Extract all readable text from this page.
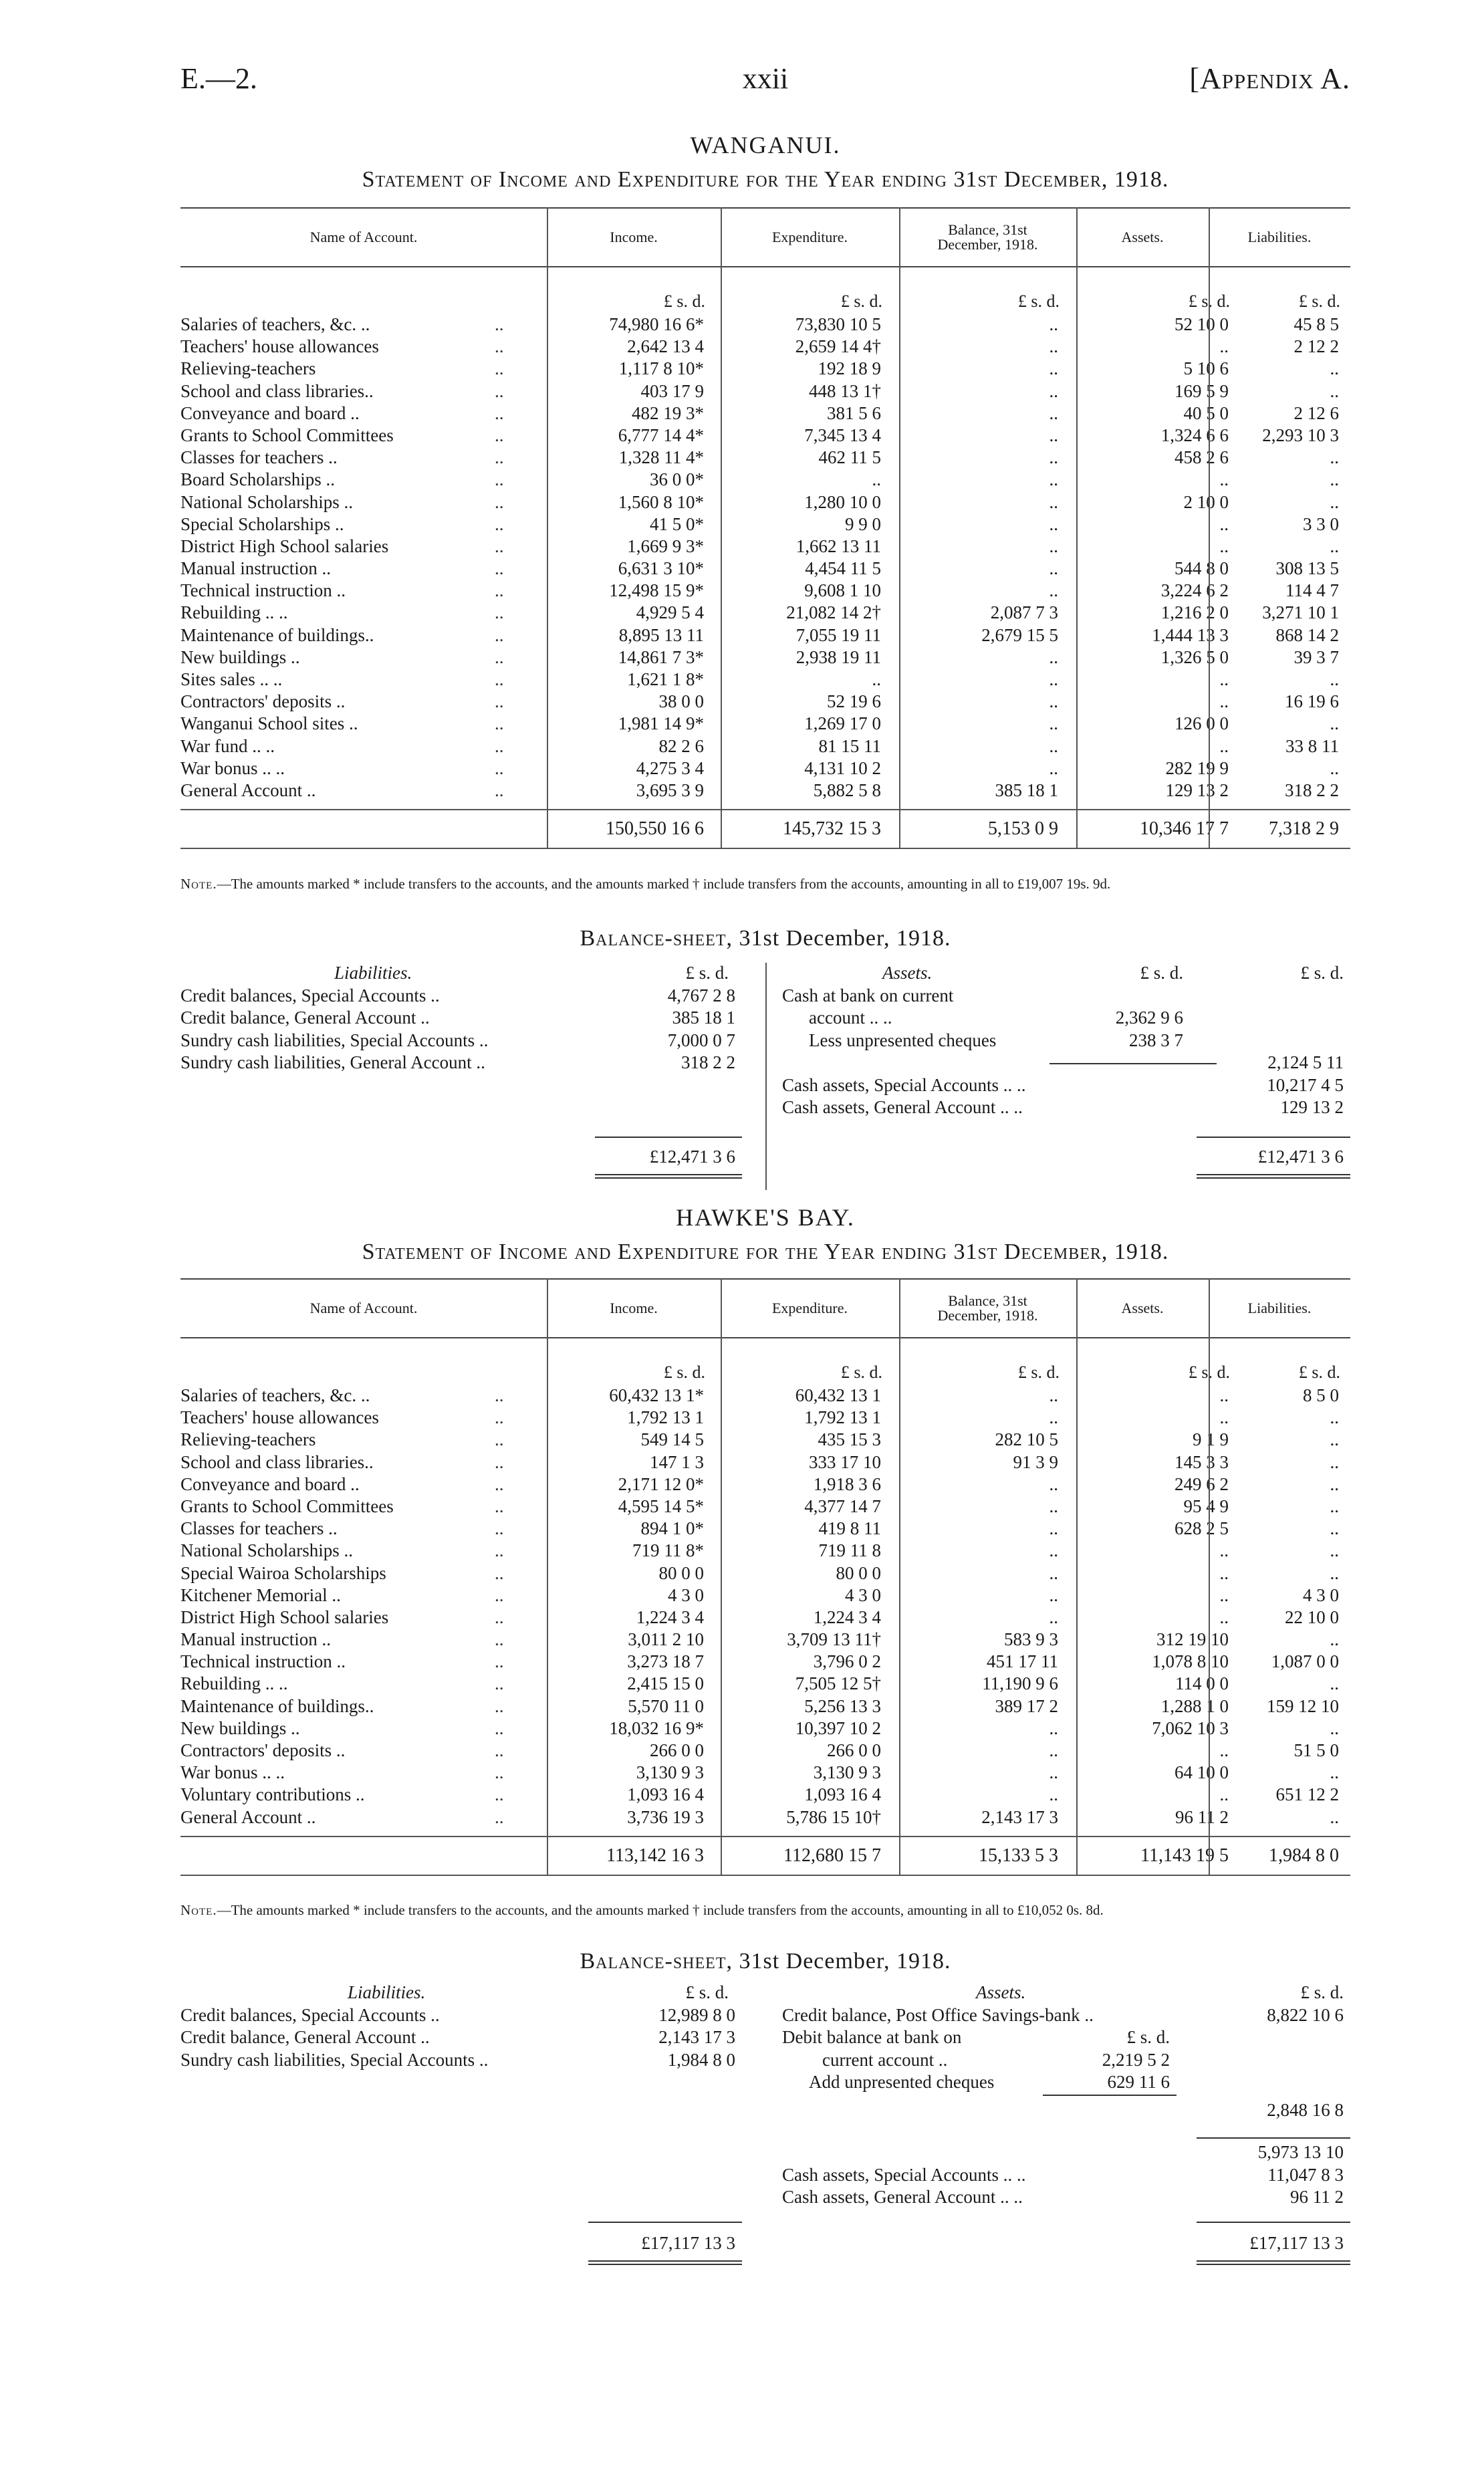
E.—2.	xxii	[Appendix A.
WANGANUI.
Statement of Income and Expenditure for the Year ending 31st December, 1918.
Name of Account.	Income.	Expenditure.	Balance, 31st December, 1918.	Assets.	Liabilities.
£ s. d.	£ s. d.	£ s. d.	£ s. d.	£ s. d.
Salaries of teachers, &c. ..	..	74,980 16 6*	73,830 10 5	..	52 10 0	45 8 5
Teachers' house allowances	..	2,642 13 4	2,659 14 4†	..	..	2 12 2
Relieving-teachers	..	1,117 8 10*	192 18 9	..	5 10 6	..
School and class libraries..	..	403 17 9	448 13 1†	..	169 5 9	..
Conveyance and board ..	..	482 19 3*	381 5 6	..	40 5 0	2 12 6
Grants to School Committees	..	6,777 14 4*	7,345 13 4	..	1,324 6 6	2,293 10 3
Classes for teachers ..	..	1,328 11 4*	462 11 5	..	458 2 6	..
Board Scholarships ..	..	36 0 0*	..	..	..	..
National Scholarships ..	..	1,560 8 10*	1,280 10 0	..	2 10 0	..
Special Scholarships ..	..	41 5 0*	9 9 0	..	..	3 3 0
District High School salaries	..	1,669 9 3*	1,662 13 11	..	..	..
Manual instruction ..	..	6,631 3 10*	4,454 11 5	..	544 8 0	308 13 5
Technical instruction ..	..	12,498 15 9*	9,608 1 10	..	3,224 6 2	114 4 7
Rebuilding .. ..	..	4,929 5 4	21,082 14 2†	2,087 7 3	1,216 2 0	3,271 10 1
Maintenance of buildings..	..	8,895 13 11	7,055 19 11	2,679 15 5	1,444 13 3	868 14 2
New buildings ..	..	14,861 7 3*	2,938 19 11	..	1,326 5 0	39 3 7
Sites sales .. ..	..	1,621 1 8*	..	..	..	..
Contractors' deposits ..	..	38 0 0	52 19 6	..	..	16 19 6
Wanganui School sites ..	..	1,981 14 9*	1,269 17 0	..	126 0 0	..
War fund .. ..	..	82 2 6	81 15 11	..	..	33 8 11
War bonus .. ..	..	4,275 3 4	4,131 10 2	..	282 19 9	..
General Account ..	..	3,695 3 9	5,882 5 8	385 18 1	129 13 2	318 2 2
150,550 16 6	145,732 15 3	5,153 0 9	10,346 17 7	7,318 2 9
Note.—The amounts marked * include transfers to the accounts, and the amounts marked † include transfers from the accounts, amounting in all to £19,007 19s. 9d.
Balance-sheet, 31st December, 1918.
Liabilities.	£ s. d.
Credit balances, Special Accounts ..	4,767 2 8
Credit balance, General Account ..	385 18 1
Sundry cash liabilities, Special Accounts ..	7,000 0 7
Sundry cash liabilities, General Account ..	318 2 2
£12,471 3 6
Assets.	£ s. d.	£ s. d.
Cash at bank on current
account .. ..	2,362 9 6
Less unpresented cheques	238 3 7
2,124 5 11
Cash assets, Special Accounts .. ..	10,217 4 5
Cash assets, General Account .. ..	129 13 2
£12,471 3 6
HAWKE'S BAY.
Statement of Income and Expenditure for the Year ending 31st December, 1918.
Name of Account.	Income.	Expenditure.	Balance, 31st December, 1918.	Assets.	Liabilities.
£ s. d.	£ s. d.	£ s. d.	£ s. d.	£ s. d.
Salaries of teachers, &c. ..	..	60,432 13 1*	60,432 13 1	..	..	8 5 0
Teachers' house allowances	..	1,792 13 1	1,792 13 1	..	..	..
Relieving-teachers	..	549 14 5	435 15 3	282 10 5	9 1 9	..
School and class libraries..	..	147 1 3	333 17 10	91 3 9	145 3 3	..
Conveyance and board ..	..	2,171 12 0*	1,918 3 6	..	249 6 2	..
Grants to School Committees	..	4,595 14 5*	4,377 14 7	..	95 4 9	..
Classes for teachers ..	..	894 1 0*	419 8 11	..	628 2 5	..
National Scholarships ..	..	719 11 8*	719 11 8	..	..	..
Special Wairoa Scholarships	..	80 0 0	80 0 0	..	..	..
Kitchener Memorial ..	..	4 3 0	4 3 0	..	..	4 3 0
District High School salaries	..	1,224 3 4	1,224 3 4	..	..	22 10 0
Manual instruction ..	..	3,011 2 10	3,709 13 11†	583 9 3	312 19 10	..
Technical instruction ..	..	3,273 18 7	3,796 0 2	451 17 11	1,078 8 10	1,087 0 0
Rebuilding .. ..	..	2,415 15 0	7,505 12 5†	11,190 9 6	114 0 0	..
Maintenance of buildings..	..	5,570 11 0	5,256 13 3	389 17 2	1,288 1 0	159 12 10
New buildings ..	..	18,032 16 9*	10,397 10 2	..	7,062 10 3	..
Contractors' deposits ..	..	266 0 0	266 0 0	..	..	51 5 0
War bonus .. ..	..	3,130 9 3	3,130 9 3	..	64 10 0	..
Voluntary contributions ..	..	1,093 16 4	1,093 16 4	..	..	651 12 2
General Account ..	..	3,736 19 3	5,786 15 10†	2,143 17 3	96 11 2	..
113,142 16 3	112,680 15 7	15,133 5 3	11,143 19 5	1,984 8 0
Note.—The amounts marked * include transfers to the accounts, and the amounts marked † include transfers from the accounts, amounting in all to £10,052 0s. 8d.
Balance-sheet, 31st December, 1918.
Liabilities.	£ s. d.
Credit balances, Special Accounts ..	12,989 8 0
Credit balance, General Account ..	2,143 17 3
Sundry cash liabilities, Special Accounts ..	1,984 8 0
£17,117 13 3
Assets.	£ s. d.
Credit balance, Post Office Savings-bank ..	8,822 10 6
Debit balance at bank on	£ s. d.
current account ..	2,219 5 2
Add unpresented cheques	629 11 6
2,848 16 8
5,973 13 10
Cash assets, Special Accounts .. ..	11,047 8 3
Cash assets, General Account .. ..	96 11 2
£17,117 13 3
